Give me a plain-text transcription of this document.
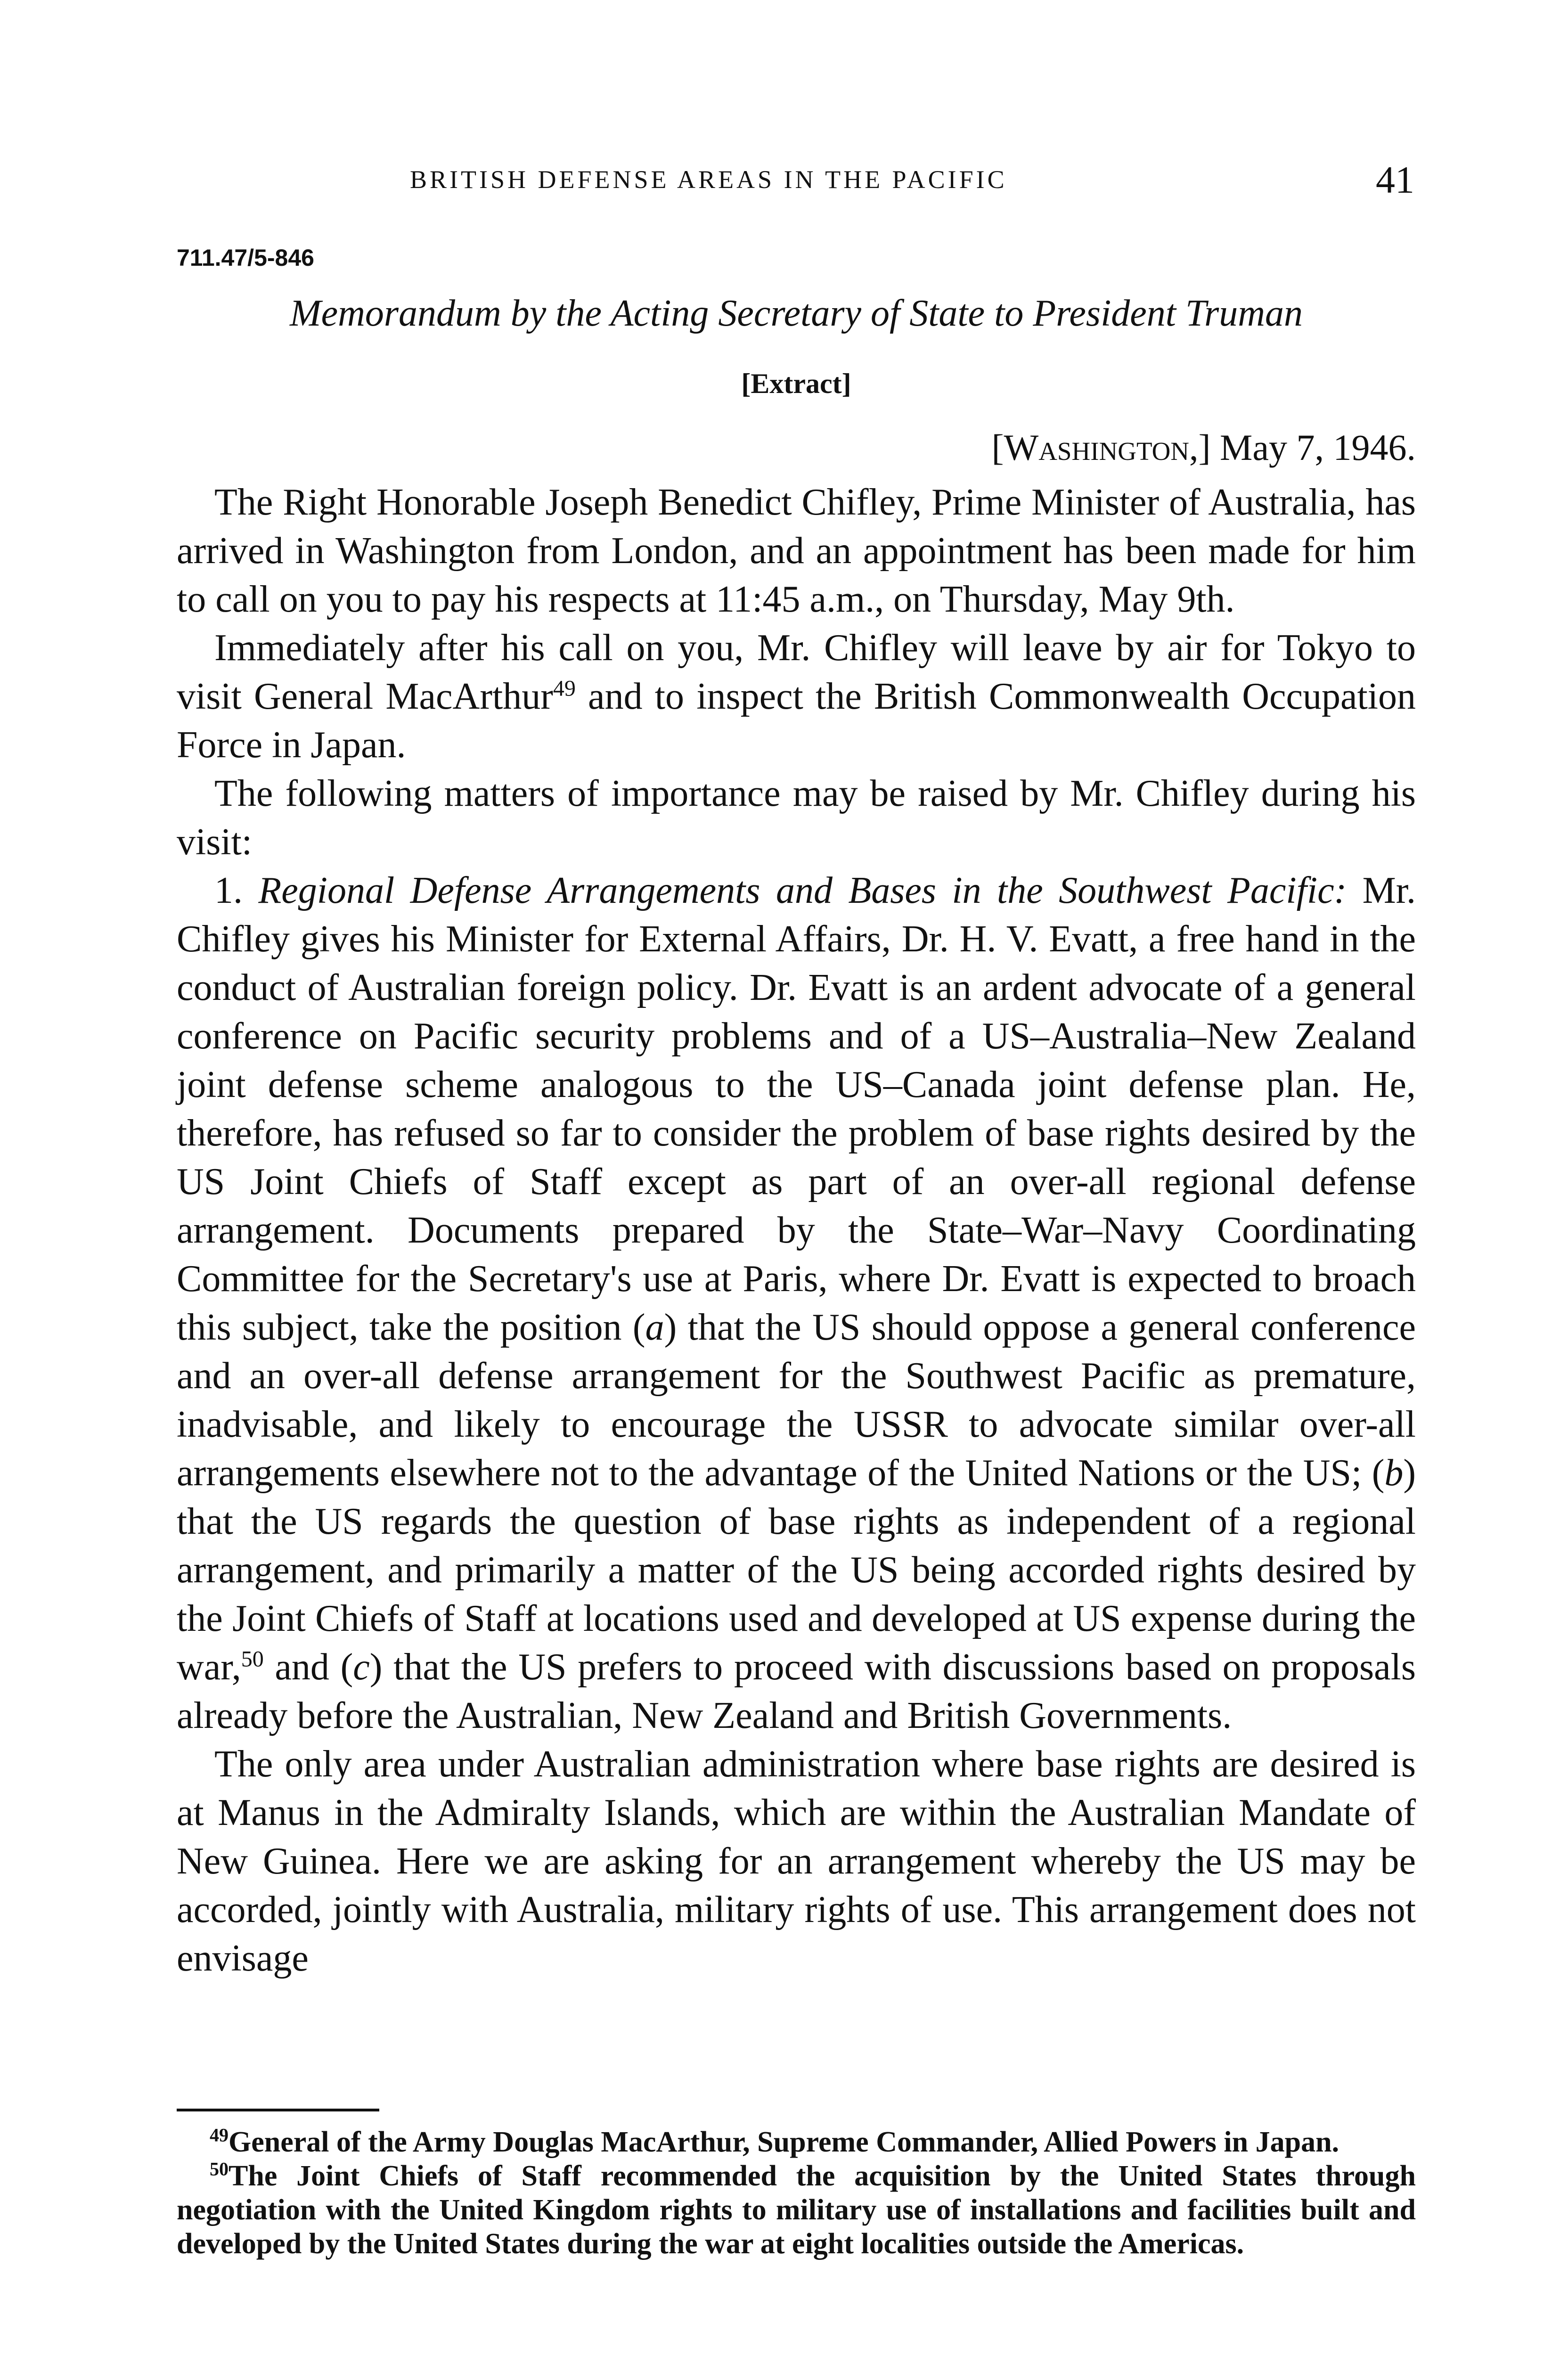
BRITISH DEFENSE AREAS IN THE PACIFIC	41
711.47/5-846
Memorandum by the Acting Secretary of State to President Truman
[Extract]
[Washington,] May 7, 1946.

The Right Honorable Joseph Benedict Chifley, Prime Minister of Australia, has arrived in Washington from London, and an appointment has been made for him to call on you to pay his respects at 11:45 a.m., on Thursday, May 9th.

Immediately after his call on you, Mr. Chifley will leave by air for Tokyo to visit General MacArthur$^{49}$ and to inspect the British Commonwealth Occupation Force in Japan.

The following matters of importance may be raised by Mr. Chifley during his visit:

1. Regional Defense Arrangements and Bases in the Southwest Pacific: Mr. Chifley gives his Minister for External Affairs, Dr. H. V. Evatt, a free hand in the conduct of Australian foreign policy. Dr. Evatt is an ardent advocate of a general conference on Pacific security problems and of a US–Australia–New Zealand joint defense scheme analogous to the US–Canada joint defense plan. He, therefore, has refused so far to consider the problem of base rights desired by the US Joint Chiefs of Staff except as part of an over-all regional defense arrangement. Documents prepared by the State–War–Navy Coordinating Committee for the Secretary's use at Paris, where Dr. Evatt is expected to broach this subject, take the position (a) that the US should oppose a general conference and an over-all defense arrangement for the Southwest Pacific as premature, inadvisable, and likely to encourage the USSR to advocate similar over-all arrangements elsewhere not to the advantage of the United Nations or the US; (b) that the US regards the question of base rights as independent of a regional arrangement, and primarily a matter of the US being accorded rights desired by the Joint Chiefs of Staff at locations used and developed at US expense during the war,$^{50}$ and (c) that the US prefers to proceed with discussions based on proposals already before the Australian, New Zealand and British Governments.

The only area under Australian administration where base rights are desired is at Manus in the Admiralty Islands, which are within the Australian Mandate of New Guinea. Here we are asking for an arrangement whereby the US may be accorded, jointly with Australia, military rights of use. This arrangement does not envisage

$^{49}$General of the Army Douglas MacArthur, Supreme Commander, Allied Powers in Japan.

$^{50}$The Joint Chiefs of Staff recommended the acquisition by the United States through negotiation with the United Kingdom rights to military use of installations and facilities built and developed by the United States during the war at eight localities outside the Americas.
